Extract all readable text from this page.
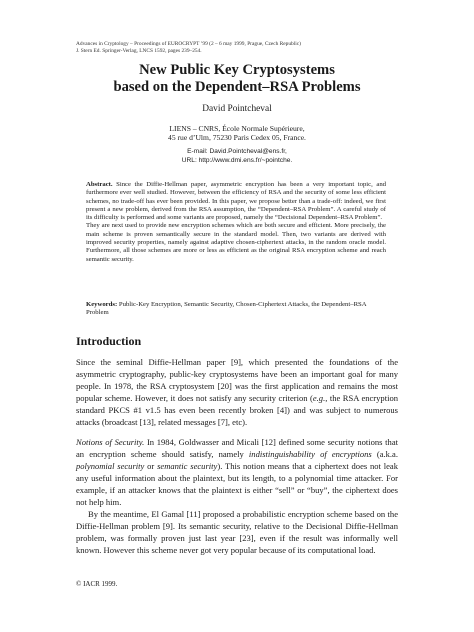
Advances in Cryptology – Proceedings of EUROCRYPT ’99 (2 – 6 may 1999, Prague, Czech Republic)
J. Stern Ed. Springer-Verlag, LNCS 1592, pages 239–254.
New Public Key Cryptosystems
based on the Dependent–RSA Problems
David Pointcheval
LIENS – CNRS, École Normale Supérieure,
45 rue d’Ulm, 75230 Paris Cedex 05, France.
E-mail: David.Pointcheval@ens.fr,
URL: http://www.dmi.ens.fr/~pointche.

Abstract. Since the Diffie-Hellman paper, asymmetric encryption has been a very important topic, and furthermore ever well studied. However, between the efficiency of RSA and the security of some less efficient schemes, no trade-off has ever been provided. In this paper, we propose better than a trade-off: indeed, we first present a new problem, derived from the RSA assumption, the “Dependent–RSA Problem”. A careful study of its difficulty is performed and some variants are proposed, namely the “Decisional Dependent–RSA Problem”.

They are next used to provide new encryption schemes which are both secure and efficient. More precisely, the main scheme is proven semantically secure in the standard model. Then, two variants are derived with improved security properties, namely against adaptive chosen-ciphertext attacks, in the random oracle model. Furthermore, all those schemes are more or less as efficient as the original RSA encryption scheme and reach semantic security.

Keywords: Public-Key Encryption, Semantic Security, Chosen-Ciphertext Attacks, the Dependent–RSA Problem
Introduction

Since the seminal Diffie-Hellman paper [9], which presented the foundations of the asymmetric cryptography, public-key cryptosystems have been an important goal for many people. In 1978, the RSA cryptosystem [20] was the first application and remains the most popular scheme. However, it does not satisfy any security criterion (e.g., the RSA encryption standard PKCS #1 v1.5 has even been recently broken [4]) and was subject to numerous attacks (broadcast [13], related messages [7], etc).

Notions of Security. In 1984, Goldwasser and Micali [12] defined some security notions that an encryption scheme should satisfy, namely indistinguishability of encryptions (a.k.a. polynomial security or semantic security). This notion means that a ciphertext does not leak any useful information about the plaintext, but its length, to a polynomial time attacker. For example, if an attacker knows that the plaintext is either “sell” or “buy”, the ciphertext does not help him.

By the meantime, El Gamal [11] proposed a probabilistic encryption scheme based on the Diffie-Hellman problem [9]. Its semantic security, relative to the Decisional Diffie-Hellman problem, was formally proven just last year [23], even if the result was informally well known. However this scheme never got very popular because of its computational load.

© IACR 1999.
